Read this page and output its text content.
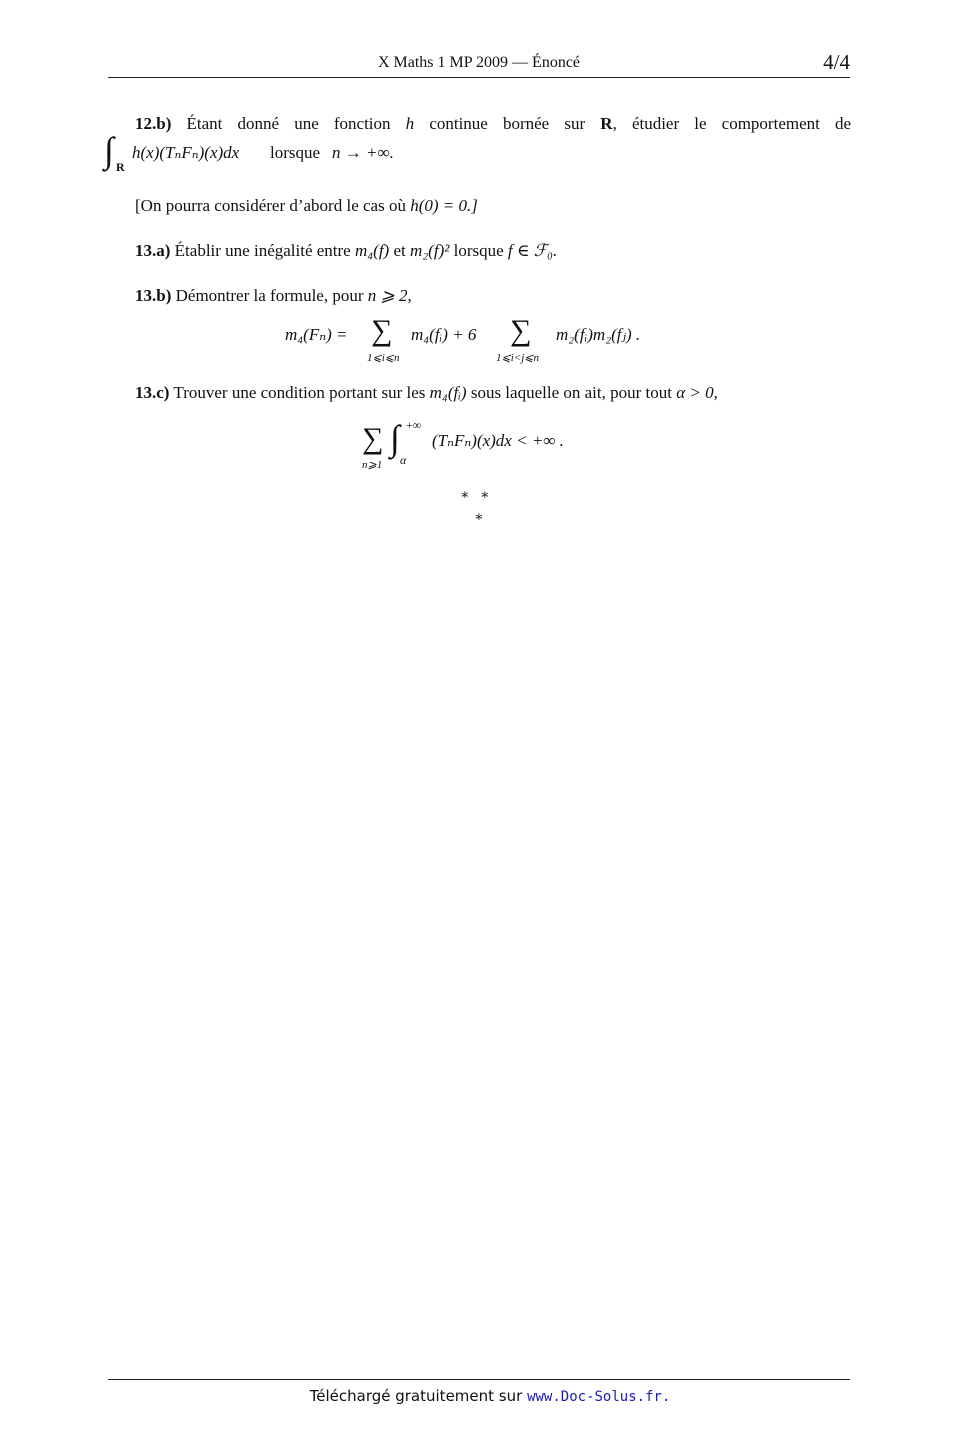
X Maths 1 MP 2009 — Énoncé	4/4
12.b) Étant donné une fonction h continue bornée sur R, étudier le comportement de
∫ R
h(x)(TₙFₙ)(x)dx lorsque n → +∞.
[On pourra considérer d’abord le cas où h(0) = 0.]
13.a) Établir une inégalité entre m₄(f) et m₂(f)² lorsque f ∈ ℱ₀.
13.b) Démontrer la formule, pour n ⩾ 2,
m₄(Fₙ) = ∑
1⩽i⩽n
m₄(fᵢ) + 6 ∑
1⩽i<j⩽n
m₂(fᵢ)m₂(fⱼ) .
13.c) Trouver une condition portant sur les m₄(fᵢ) sous laquelle on ait, pour tout α > 0,
∑
n⩾1
∫ +∞
α
(TₙFₙ)(x)dx < +∞ .
∗   ∗
∗
Téléchargé gratuitement sur www.Doc-Solus.fr.
